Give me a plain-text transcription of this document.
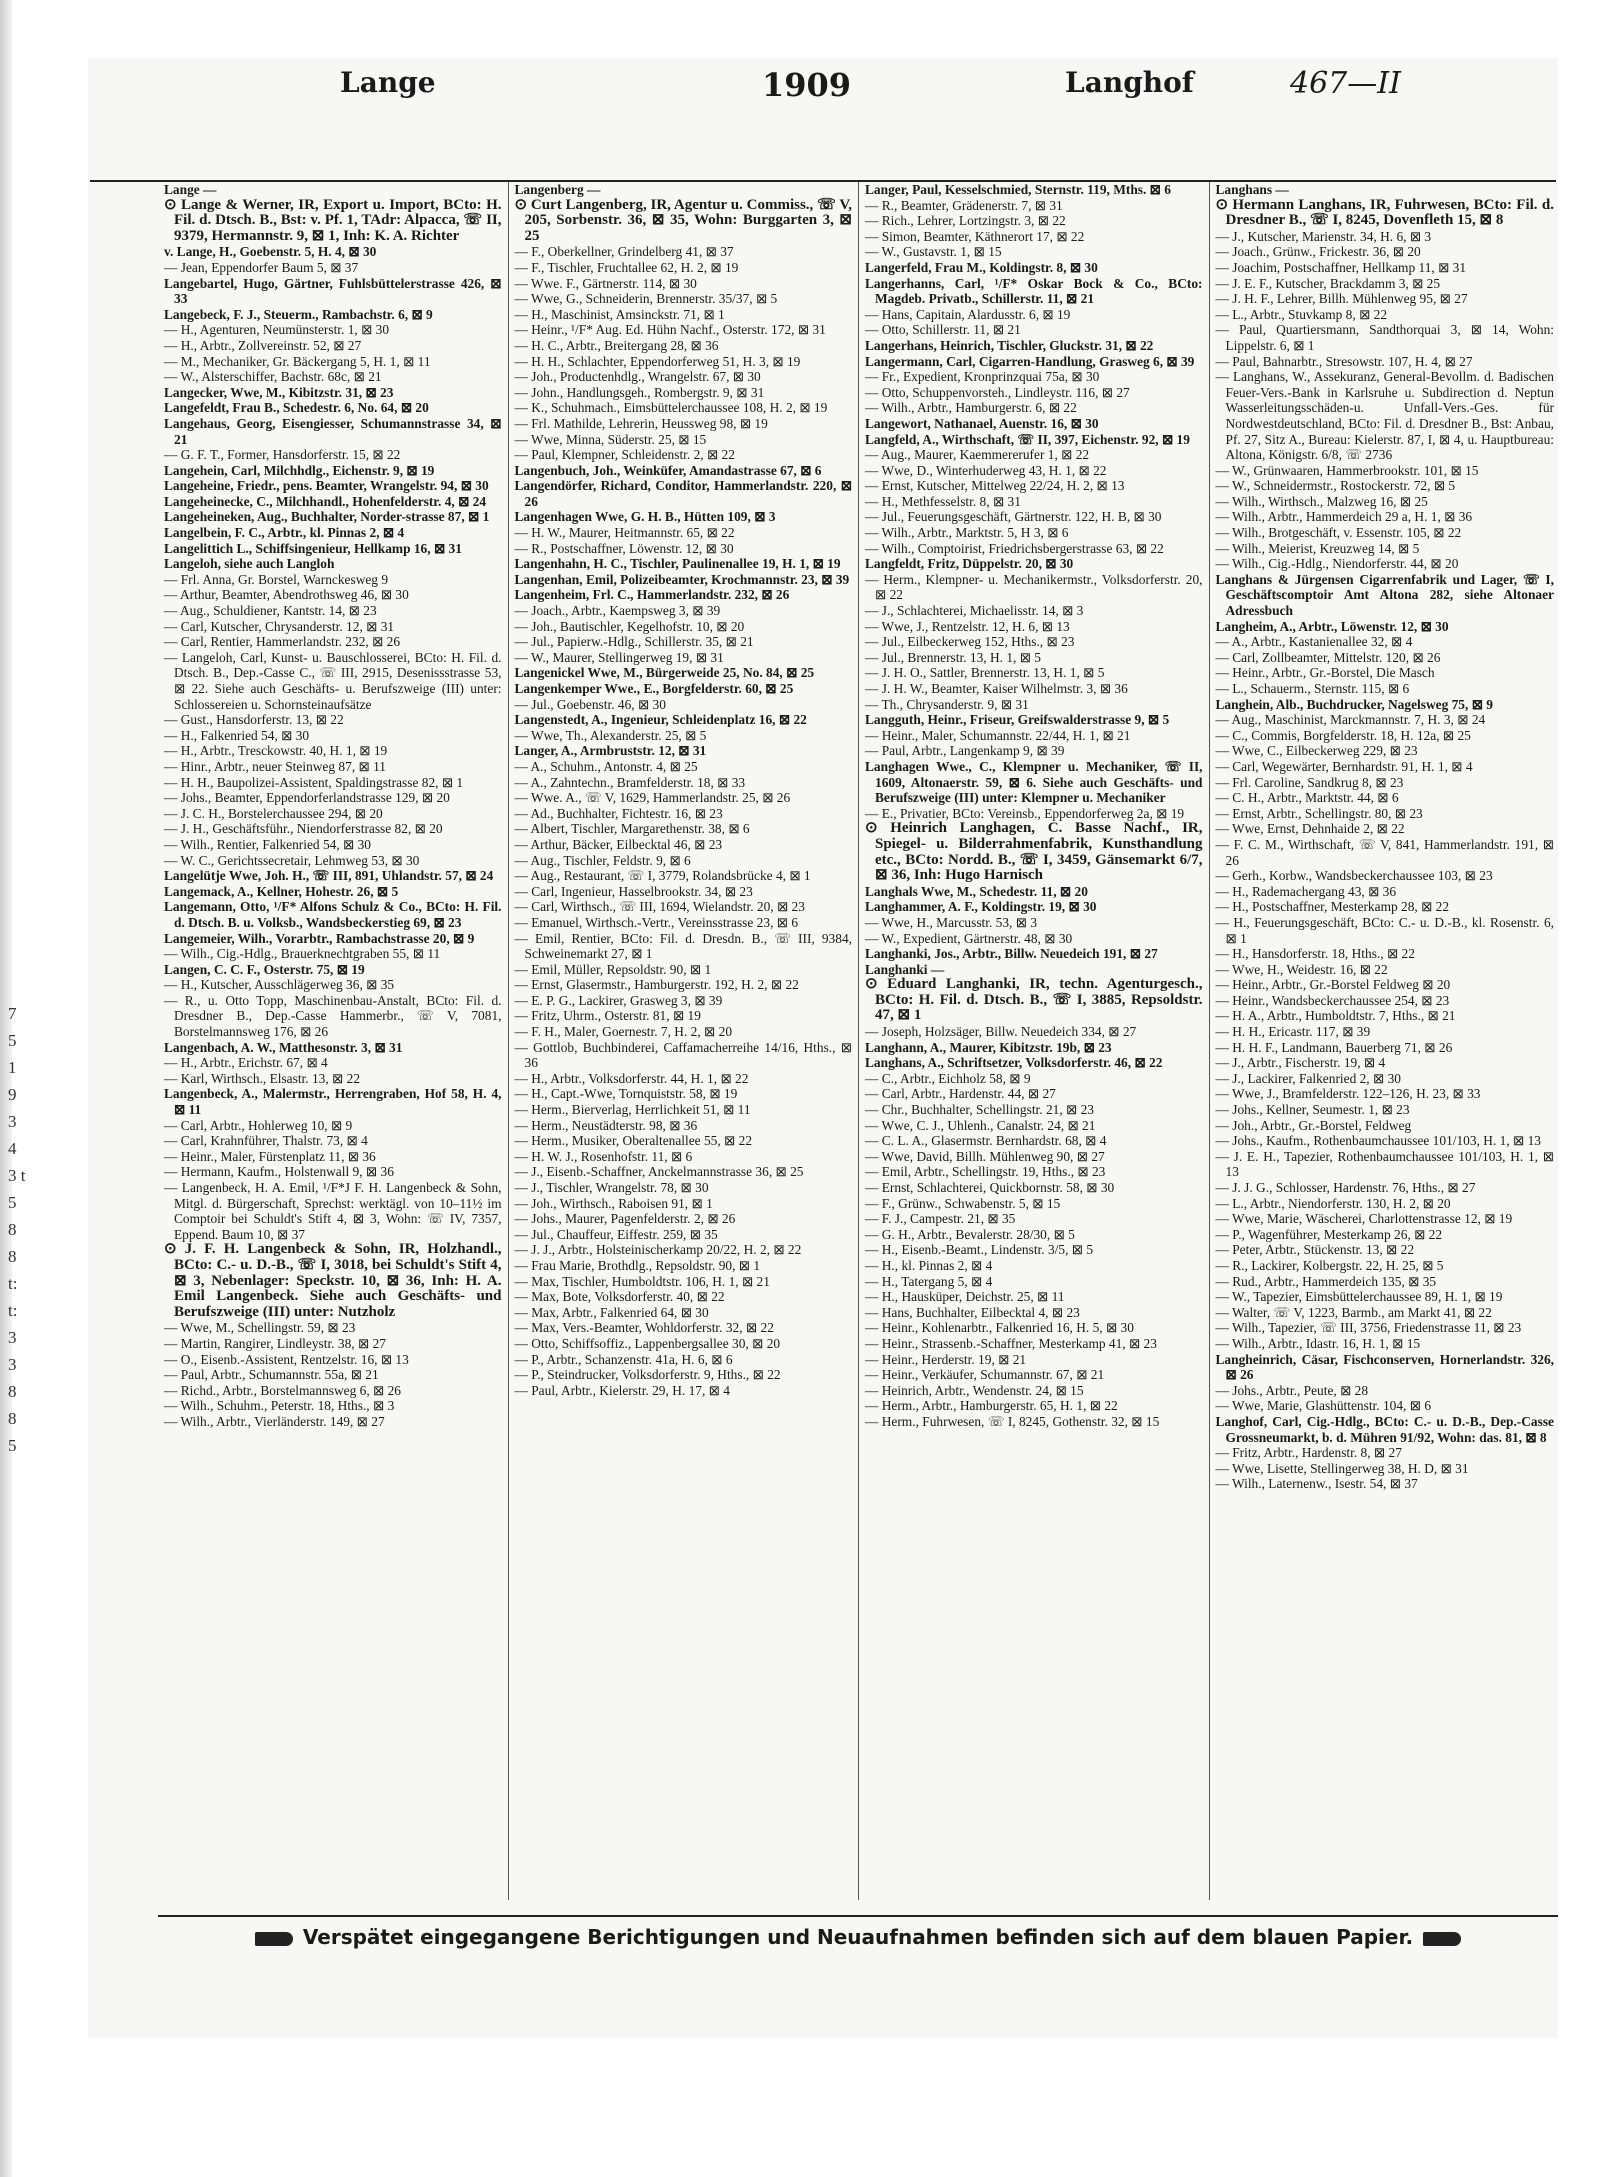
7 5 1 9 3 4 3 t 5 8 8 t: t: 3 3 8 8 5
Lange	1909	Langhof	467—II

Lange —

⊙ Lange & Werner, IR, Export u. Import, BCto: H. Fil. d. Dtsch. B., Bst: v. Pf. 1, TAdr: Alpacca, ☏ II, 9379, Hermannstr. 9, ⊠ 1, Inh: K. A. Richter

v. Lange, H., Goebenstr. 5, H. 4, ⊠ 30

— Jean, Eppendorfer Baum 5, ⊠ 37

Langebartel, Hugo, Gärtner, Fuhlsbüttelerstrasse 426, ⊠ 33

Langebeck, F. J., Steuerm., Rambachstr. 6, ⊠ 9

— H., Agenturen, Neumünsterstr. 1, ⊠ 30

— H., Arbtr., Zollvereinstr. 52, ⊠ 27

— M., Mechaniker, Gr. Bäckergang 5, H. 1, ⊠ 11

— W., Alsterschiffer, Bachstr. 68c, ⊠ 21

Langecker, Wwe, M., Kibitzstr. 31, ⊠ 23

Langefeldt, Frau B., Schedestr. 6, No. 64, ⊠ 20

Langehaus, Georg, Eisengiesser, Schumannstrasse 34, ⊠ 21

— G. F. T., Former, Hansdorferstr. 15, ⊠ 22

Langehein, Carl, Milchhdlg., Eichenstr. 9, ⊠ 19

Langeheine, Friedr., pens. Beamter, Wrangelstr. 94, ⊠ 30

Langeheinecke, C., Milchhandl., Hohenfelderstr. 4, ⊠ 24

Langeheineken, Aug., Buchhalter, Norder-strasse 87, ⊠ 1

Langelbein, F. C., Arbtr., kl. Pinnas 2, ⊠ 4

Langelittich L., Schiffsingenieur, Hellkamp 16, ⊠ 31

Langeloh, siehe auch Langloh

— Frl. Anna, Gr. Borstel, Warnckesweg 9

— Arthur, Beamter, Abendrothsweg 46, ⊠ 30

— Aug., Schuldiener, Kantstr. 14, ⊠ 23

— Carl, Kutscher, Chrysanderstr. 12, ⊠ 31

— Carl, Rentier, Hammerlandstr. 232, ⊠ 26

— Langeloh, Carl, Kunst- u. Bauschlosserei, BCto: H. Fil. d. Dtsch. B., Dep.-Casse C., ☏ III, 2915, Desenissstrasse 53, ⊠ 22. Siehe auch Geschäfts- u. Berufszweige (III) unter: Schlossereien u. Schornsteinaufsätze

— Gust., Hansdorferstr. 13, ⊠ 22

— H., Falkenried 54, ⊠ 30

— H., Arbtr., Tresckowstr. 40, H. 1, ⊠ 19

— Hinr., Arbtr., neuer Steinweg 87, ⊠ 11

— H. H., Baupolizei-Assistent, Spaldingstrasse 82, ⊠ 1

— Johs., Beamter, Eppendorferlandstrasse 129, ⊠ 20

— J. C. H., Borstelerchaussee 294, ⊠ 20

— J. H., Geschäftsführ., Niendorferstrasse 82, ⊠ 20

— Wilh., Rentier, Falkenried 54, ⊠ 30

— W. C., Gerichtssecretair, Lehmweg 53, ⊠ 30

Langelütje Wwe, Joh. H., ☏ III, 891, Uhlandstr. 57, ⊠ 24

Langemack, A., Kellner, Hohestr. 26, ⊠ 5

Langemann, Otto, ¹/F* Alfons Schulz & Co., BCto: H. Fil. d. Dtsch. B. u. Volksb., Wandsbeckerstieg 69, ⊠ 23

Langemeier, Wilh., Vorarbtr., Rambachstrasse 20, ⊠ 9

— Wilh., Cig.-Hdlg., Brauerknechtgraben 55, ⊠ 11

Langen, C. C. F., Osterstr. 75, ⊠ 19

— H., Kutscher, Ausschlägerweg 36, ⊠ 35

— R., u. Otto Topp, Maschinenbau-Anstalt, BCto: Fil. d. Dresdner B., Dep.-Casse Hammerbr., ☏ V, 7081, Borstelmannsweg 176, ⊠ 26

Langenbach, A. W., Matthesonstr. 3, ⊠ 31

— H., Arbtr., Erichstr. 67, ⊠ 4

— Karl, Wirthsch., Elsastr. 13, ⊠ 22

Langenbeck, A., Malermstr., Herrengraben, Hof 58, H. 4, ⊠ 11

— Carl, Arbtr., Hohlerweg 10, ⊠ 9

— Carl, Krahnführer, Thalstr. 73, ⊠ 4

— Heinr., Maler, Fürstenplatz 11, ⊠ 36

— Hermann, Kaufm., Holstenwall 9, ⊠ 36

— Langenbeck, H. A. Emil, ¹/F*J F. H. Langenbeck & Sohn, Mitgl. d. Bürgerschaft, Sprechst: werktägl. von 10–11½ im Comptoir bei Schuldt's Stift 4, ⊠ 3, Wohn: ☏ IV, 7357, Eppend. Baum 10, ⊠ 37

⊙ J. F. H. Langenbeck & Sohn, IR, Holzhandl., BCto: C.- u. D.-B., ☏ I, 3018, bei Schuldt's Stift 4, ⊠ 3, Nebenlager: Speckstr. 10, ⊠ 36, Inh: H. A. Emil Langenbeck. Siehe auch Geschäfts- und Berufszweige (III) unter: Nutzholz

— Wwe, M., Schellingstr. 59, ⊠ 23

— Martin, Rangirer, Lindleystr. 38, ⊠ 27

— O., Eisenb.-Assistent, Rentzelstr. 16, ⊠ 13

— Paul, Arbtr., Schumannstr. 55a, ⊠ 21

— Richd., Arbtr., Borstelmannsweg 6, ⊠ 26

— Wilh., Schuhm., Peterstr. 18, Hths., ⊠ 3

— Wilh., Arbtr., Vierländerstr. 149, ⊠ 27

Langenberg —

⊙ Curt Langenberg, IR, Agentur u. Commiss., ☏ V, 205, Sorbenstr. 36, ⊠ 35, Wohn: Burggarten 3, ⊠ 25

— F., Oberkellner, Grindelberg 41, ⊠ 37

— F., Tischler, Fruchtallee 62, H. 2, ⊠ 19

— Wwe. F., Gärtnerstr. 114, ⊠ 30

— Wwe, G., Schneiderin, Brennerstr. 35/37, ⊠ 5

— H., Maschinist, Amsinckstr. 71, ⊠ 1

— Heinr., ¹/F* Aug. Ed. Hühn Nachf., Osterstr. 172, ⊠ 31

— H. C., Arbtr., Breitergang 28, ⊠ 36

— H. H., Schlachter, Eppendorferweg 51, H. 3, ⊠ 19

— Joh., Productenhdlg., Wrangelstr. 67, ⊠ 30

— John., Handlungsgeh., Rombergstr. 9, ⊠ 31

— K., Schuhmach., Eimsbüttelerchaussee 108, H. 2, ⊠ 19

— Frl. Mathilde, Lehrerin, Heussweg 98, ⊠ 19

— Wwe, Minna, Süderstr. 25, ⊠ 15

— Paul, Klempner, Schleidenstr. 2, ⊠ 22

Langenbuch, Joh., Weinküfer, Amandastrasse 67, ⊠ 6

Langendörfer, Richard, Conditor, Hammerlandstr. 220, ⊠ 26

Langenhagen Wwe, G. H. B., Hütten 109, ⊠ 3

— H. W., Maurer, Heitmannstr. 65, ⊠ 22

— R., Postschaffner, Löwenstr. 12, ⊠ 30

Langenhahn, H. C., Tischler, Paulinenallee 19, H. 1, ⊠ 19

Langenhan, Emil, Polizeibeamter, Krochmannstr. 23, ⊠ 39

Langenheim, Frl. C., Hammerlandstr. 232, ⊠ 26

— Joach., Arbtr., Kaempsweg 3, ⊠ 39

— Joh., Bautischler, Kegelhofstr. 10, ⊠ 20

— Jul., Papierw.-Hdlg., Schillerstr. 35, ⊠ 21

— W., Maurer, Stellingerweg 19, ⊠ 31

Langenickel Wwe, M., Bürgerweide 25, No. 84, ⊠ 25

Langenkemper Wwe., E., Borgfelderstr. 60, ⊠ 25

— Jul., Goebenstr. 46, ⊠ 30

Langenstedt, A., Ingenieur, Schleidenplatz 16, ⊠ 22

— Wwe, Th., Alexanderstr. 25, ⊠ 5

Langer, A., Armbruststr. 12, ⊠ 31

— A., Schuhm., Antonstr. 4, ⊠ 25

— A., Zahntechn., Bramfelderstr. 18, ⊠ 33

— Wwe. A., ☏ V, 1629, Hammerlandstr. 25, ⊠ 26

— Ad., Buchhalter, Fichtestr. 16, ⊠ 23

— Albert, Tischler, Margarethenstr. 38, ⊠ 6

— Arthur, Bäcker, Eilbecktal 46, ⊠ 23

— Aug., Tischler, Feldstr. 9, ⊠ 6

— Aug., Restaurant, ☏ I, 3779, Rolandsbrücke 4, ⊠ 1

— Carl, Ingenieur, Hasselbrookstr. 34, ⊠ 23

— Carl, Wirthsch., ☏ III, 1694, Wielandstr. 20, ⊠ 23

— Emanuel, Wirthsch.-Vertr., Vereinsstrasse 23, ⊠ 6

— Emil, Rentier, BCto: Fil. d. Dresdn. B., ☏ III, 9384, Schweinemarkt 27, ⊠ 1

— Emil, Müller, Repsoldstr. 90, ⊠ 1

— Ernst, Glasermstr., Hamburgerstr. 192, H. 2, ⊠ 22

— E. P. G., Lackirer, Grasweg 3, ⊠ 39

— Fritz, Uhrm., Osterstr. 81, ⊠ 19

— F. H., Maler, Goernestr. 7, H. 2, ⊠ 20

— Gottlob, Buchbinderei, Caffamacherreihe 14/16, Hths., ⊠ 36

— H., Arbtr., Volksdorferstr. 44, H. 1, ⊠ 22

— H., Capt.-Wwe, Tornquiststr. 58, ⊠ 19

— Herm., Bierverlag, Herrlichkeit 51, ⊠ 11

— Herm., Neustädterstr. 98, ⊠ 36

— Herm., Musiker, Oberaltenallee 55, ⊠ 22

— H. W. J., Rosenhofstr. 11, ⊠ 6

— J., Eisenb.-Schaffner, Anckelmannstrasse 36, ⊠ 25

— J., Tischler, Wrangelstr. 78, ⊠ 30

— Joh., Wirthsch., Raboisen 91, ⊠ 1

— Johs., Maurer, Pagenfelderstr. 2, ⊠ 26

— Jul., Chauffeur, Eiffestr. 259, ⊠ 35

— J. J., Arbtr., Holsteinischerkamp 20/22, H. 2, ⊠ 22

— Frau Marie, Brothdlg., Repsoldstr. 90, ⊠ 1

— Max, Tischler, Humboldtstr. 106, H. 1, ⊠ 21

— Max, Bote, Volksdorferstr. 40, ⊠ 22

— Max, Arbtr., Falkenried 64, ⊠ 30

— Max, Vers.-Beamter, Wohldorferstr. 32, ⊠ 22

— Otto, Schiffsoffiz., Lappenbergsallee 30, ⊠ 20

— P., Arbtr., Schanzenstr. 41a, H. 6, ⊠ 6

— P., Steindrucker, Volksdorferstr. 9, Hths., ⊠ 22

— Paul, Arbtr., Kielerstr. 29, H. 17, ⊠ 4

Langer, Paul, Kesselschmied, Sternstr. 119, Mths. ⊠ 6

— R., Beamter, Grädenerstr. 7, ⊠ 31

— Rich., Lehrer, Lortzingstr. 3, ⊠ 22

— Simon, Beamter, Käthnerort 17, ⊠ 22

— W., Gustavstr. 1, ⊠ 15

Langerfeld, Frau M., Koldingstr. 8, ⊠ 30

Langerhanns, Carl, ¹/F* Oskar Bock & Co., BCto: Magdeb. Privatb., Schillerstr. 11, ⊠ 21

— Hans, Capitain, Alardusstr. 6, ⊠ 19

— Otto, Schillerstr. 11, ⊠ 21

Langerhans, Heinrich, Tischler, Gluckstr. 31, ⊠ 22

Langermann, Carl, Cigarren-Handlung, Grasweg 6, ⊠ 39

— Fr., Expedient, Kronprinzquai 75a, ⊠ 30

— Otto, Schuppenvorsteh., Lindleystr. 116, ⊠ 27

— Wilh., Arbtr., Hamburgerstr. 6, ⊠ 22

Langewort, Nathanael, Auenstr. 16, ⊠ 30

Langfeld, A., Wirthschaft, ☏ II, 397, Eichenstr. 92, ⊠ 19

— Aug., Maurer, Kaemmererufer 1, ⊠ 22

— Wwe, D., Winterhuderweg 43, H. 1, ⊠ 22

— Ernst, Kutscher, Mittelweg 22/24, H. 2, ⊠ 13

— H., Methfesselstr. 8, ⊠ 31

— Jul., Feuerungsgeschäft, Gärtnerstr. 122, H. B, ⊠ 30

— Wilh., Arbtr., Marktstr. 5, H 3, ⊠ 6

— Wilh., Comptoirist, Friedrichsbergerstrasse 63, ⊠ 22

Langfeldt, Fritz, Düppelstr. 20, ⊠ 30

— Herm., Klempner- u. Mechanikermstr., Volksdorferstr. 20, ⊠ 22

— J., Schlachterei, Michaelisstr. 14, ⊠ 3

— Wwe, J., Rentzelstr. 12, H. 6, ⊠ 13

— Jul., Eilbeckerweg 152, Hths., ⊠ 23

— Jul., Brennerstr. 13, H. 1, ⊠ 5

— J. H. O., Sattler, Brennerstr. 13, H. 1, ⊠ 5

— J. H. W., Beamter, Kaiser Wilhelmstr. 3, ⊠ 36

— Th., Chrysanderstr. 9, ⊠ 31

Langguth, Heinr., Friseur, Greifswalderstrasse 9, ⊠ 5

— Heinr., Maler, Schumannstr. 22/44, H. 1, ⊠ 21

— Paul, Arbtr., Langenkamp 9, ⊠ 39

Langhagen Wwe., C., Klempner u. Mechaniker, ☏ II, 1609, Altonaerstr. 59, ⊠ 6. Siehe auch Geschäfts- und Berufszweige (III) unter: Klempner u. Mechaniker

— E., Privatier, BCto: Vereinsb., Eppendorferweg 2a, ⊠ 19

⊙ Heinrich Langhagen, C. Basse Nachf., IR, Spiegel- u. Bilderrahmenfabrik, Kunsthandlung etc., BCto: Nordd. B., ☏ I, 3459, Gänsemarkt 6/7, ⊠ 36, Inh: Hugo Harnisch

Langhals Wwe, M., Schedestr. 11, ⊠ 20

Langhammer, A. F., Koldingstr. 19, ⊠ 30

— Wwe, H., Marcusstr. 53, ⊠ 3

— W., Expedient, Gärtnerstr. 48, ⊠ 30

Langhanki, Jos., Arbtr., Billw. Neuedeich 191, ⊠ 27

Langhanki —

⊙ Eduard Langhanki, IR, techn. Agenturgesch., BCto: H. Fil. d. Dtsch. B., ☏ I, 3885, Repsoldstr. 47, ⊠ 1

— Joseph, Holzsäger, Billw. Neuedeich 334, ⊠ 27

Langhann, A., Maurer, Kibitzstr. 19b, ⊠ 23

Langhans, A., Schriftsetzer, Volksdorferstr. 46, ⊠ 22

— C., Arbtr., Eichholz 58, ⊠ 9

— Carl, Arbtr., Hardenstr. 44, ⊠ 27

— Chr., Buchhalter, Schellingstr. 21, ⊠ 23

— Wwe, C. J., Uhlenh., Canalstr. 24, ⊠ 21

— C. L. A., Glasermstr. Bernhardstr. 68, ⊠ 4

— Wwe, David, Billh. Mühlenweg 90, ⊠ 27

— Emil, Arbtr., Schellingstr. 19, Hths., ⊠ 23

— Ernst, Schlachterei, Quickbornstr. 58, ⊠ 30

— F., Grünw., Schwabenstr. 5, ⊠ 15

— F. J., Campestr. 21, ⊠ 35

— G. H., Arbtr., Bevalerstr. 28/30, ⊠ 5

— H., Eisenb.-Beamt., Lindenstr. 3/5, ⊠ 5

— H., kl. Pinnas 2, ⊠ 4

— H., Tatergang 5, ⊠ 4

— H., Hausküper, Deichstr. 25, ⊠ 11

— Hans, Buchhalter, Eilbecktal 4, ⊠ 23

— Heinr., Kohlenarbtr., Falkenried 16, H. 5, ⊠ 30

— Heinr., Strassenb.-Schaffner, Mesterkamp 41, ⊠ 23

— Heinr., Herderstr. 19, ⊠ 21

— Heinr., Verkäufer, Schumannstr. 67, ⊠ 21

— Heinrich, Arbtr., Wendenstr. 24, ⊠ 15

— Herm., Arbtr., Hamburgerstr. 65, H. 1, ⊠ 22

— Herm., Fuhrwesen, ☏ I, 8245, Gothenstr. 32, ⊠ 15

Langhans —

⊙ Hermann Langhans, IR, Fuhrwesen, BCto: Fil. d. Dresdner B., ☏ I, 8245, Dovenfleth 15, ⊠ 8

— J., Kutscher, Marienstr. 34, H. 6, ⊠ 3

— Joach., Grünw., Frickestr. 36, ⊠ 20

— Joachim, Postschaffner, Hellkamp 11, ⊠ 31

— J. E. F., Kutscher, Brackdamm 3, ⊠ 25

— J. H. F., Lehrer, Billh. Mühlenweg 95, ⊠ 27

— L., Arbtr., Stuvkamp 8, ⊠ 22

— Paul, Quartiersmann, Sandthorquai 3, ⊠ 14, Wohn: Lippelstr. 6, ⊠ 1

— Paul, Bahnarbtr., Stresowstr. 107, H. 4, ⊠ 27

— Langhans, W., Assekuranz, General-Bevollm. d. Badischen Feuer-Vers.-Bank in Karlsruhe u. Subdirection d. Neptun Wasserleitungsschäden-u. Unfall-Vers.-Ges. für Nordwestdeutschland, BCto: Fil. d. Dresdner B., Bst: Anbau, Pf. 27, Sitz A., Bureau: Kielerstr. 87, I, ⊠ 4, u. Hauptbureau: Altona, Königstr. 6/8, ☏ 2736

— W., Grünwaaren, Hammerbrookstr. 101, ⊠ 15

— W., Schneidermstr., Rostockerstr. 72, ⊠ 5

— Wilh., Wirthsch., Malzweg 16, ⊠ 25

— Wilh., Arbtr., Hammerdeich 29 a, H. 1, ⊠ 36

— Wilh., Brotgeschäft, v. Essenstr. 105, ⊠ 22

— Wilh., Meierist, Kreuzweg 14, ⊠ 5

— Wilh., Cig.-Hdlg., Niendorferstr. 44, ⊠ 20

Langhans & Jürgensen Cigarrenfabrik und Lager, ☏ I, Geschäftscomptoir Amt Altona 282, siehe Altonaer Adressbuch

Langheim, A., Arbtr., Löwenstr. 12, ⊠ 30

— A., Arbtr., Kastanienallee 32, ⊠ 4

— Carl, Zollbeamter, Mittelstr. 120, ⊠ 26

— Heinr., Arbtr., Gr.-Borstel, Die Masch

— L., Schauerm., Sternstr. 115, ⊠ 6

Langhein, Alb., Buchdrucker, Nagelsweg 75, ⊠ 9

— Aug., Maschinist, Marckmannstr. 7, H. 3, ⊠ 24

— C., Commis, Borgfelderstr. 18, H. 12a, ⊠ 25

— Wwe, C., Eilbeckerweg 229, ⊠ 23

— Carl, Wegewärter, Bernhardstr. 91, H. 1, ⊠ 4

— Frl. Caroline, Sandkrug 8, ⊠ 23

— C. H., Arbtr., Marktstr. 44, ⊠ 6

— Ernst, Arbtr., Schellingstr. 80, ⊠ 23

— Wwe, Ernst, Dehnhaide 2, ⊠ 22

— F. C. M., Wirthschaft, ☏ V, 841, Hammerlandstr. 191, ⊠ 26

— Gerh., Korbw., Wandsbeckerchaussee 103, ⊠ 23

— H., Rademachergang 43, ⊠ 36

— H., Postschaffner, Mesterkamp 28, ⊠ 22

— H., Feuerungsgeschäft, BCto: C.- u. D.-B., kl. Rosenstr. 6, ⊠ 1

— H., Hansdorferstr. 18, Hths., ⊠ 22

— Wwe, H., Weidestr. 16, ⊠ 22

— Heinr., Arbtr., Gr.-Borstel Feldweg ⊠ 20

— Heinr., Wandsbeckerchaussee 254, ⊠ 23

— H. A., Arbtr., Humboldtstr. 7, Hths., ⊠ 21

— H. H., Ericastr. 117, ⊠ 39

— H. H. F., Landmann, Bauerberg 71, ⊠ 26

— J., Arbtr., Fischerstr. 19, ⊠ 4

— J., Lackirer, Falkenried 2, ⊠ 30

— Wwe, J., Bramfelderstr. 122–126, H. 23, ⊠ 33

— Johs., Kellner, Seumestr. 1, ⊠ 23

— Joh., Arbtr., Gr.-Borstel, Feldweg

— Johs., Kaufm., Rothenbaumchaussee 101/103, H. 1, ⊠ 13

— J. E. H., Tapezier, Rothenbaumchaussee 101/103, H. 1, ⊠ 13

— J. J. G., Schlosser, Hardenstr. 76, Hths., ⊠ 27

— L., Arbtr., Niendorferstr. 130, H. 2, ⊠ 20

— Wwe, Marie, Wäscherei, Charlottenstrasse 12, ⊠ 19

— P., Wagenführer, Mesterkamp 26, ⊠ 22

— Peter, Arbtr., Stückenstr. 13, ⊠ 22

— R., Lackirer, Kolbergstr. 22, H. 25, ⊠ 5

— Rud., Arbtr., Hammerdeich 135, ⊠ 35

— W., Tapezier, Eimsbüttelerchaussee 89, H. 1, ⊠ 19

— Walter, ☏ V, 1223, Barmb., am Markt 41, ⊠ 22

— Wilh., Tapezier, ☏ III, 3756, Friedenstrasse 11, ⊠ 23

— Wilh., Arbtr., Idastr. 16, H. 1, ⊠ 15

Langheinrich, Cäsar, Fischconserven, Hornerlandstr. 326, ⊠ 26

— Johs., Arbtr., Peute, ⊠ 28

— Wwe, Marie, Glashüttenstr. 104, ⊠ 6

Langhof, Carl, Cig.-Hdlg., BCto: C.- u. D.-B., Dep.-Casse Grossneumarkt, b. d. Mühren 91/92, Wohn: das. 81, ⊠ 8

— Fritz, Arbtr., Hardenstr. 8, ⊠ 27

— Wwe, Lisette, Stellingerweg 38, H. D, ⊠ 31

— Wilh., Laternenw., Isestr. 54, ⊠ 37

Verspätet eingegangene Berichtigungen und Neuaufnahmen befinden sich auf dem blauen Papier.
